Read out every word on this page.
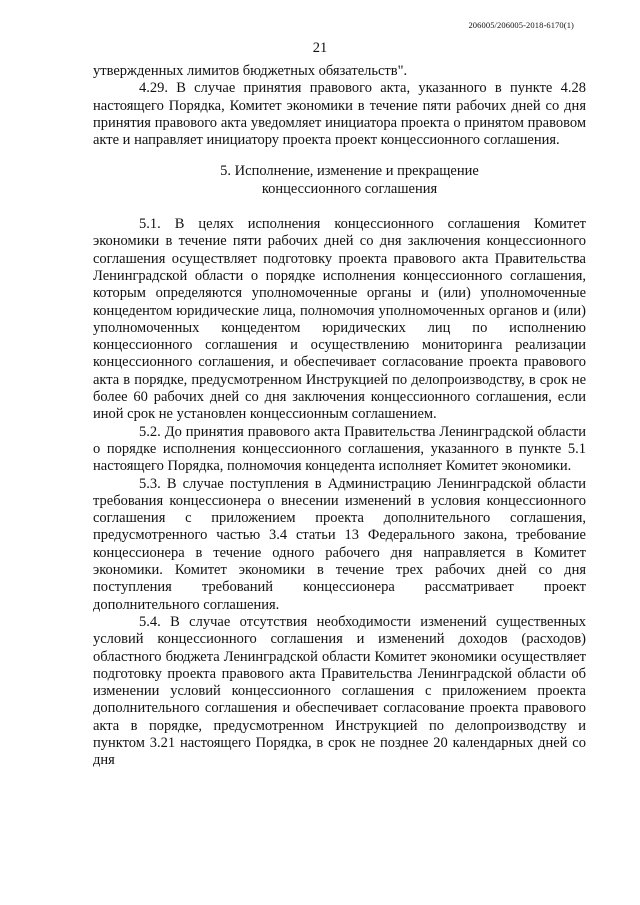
206005/206005-2018-6170(1)
21

утвержденных лимитов бюджетных обязательств".

4.29. В случае принятия правового акта, указанного в пункте 4.28 настоящего Порядка, Комитет экономики в течение пяти рабочих дней со дня принятия правового акта уведомляет инициатора проекта о принятом правовом акте и направляет инициатору проекта проект концессионного соглашения.

5. Исполнение, изменение и прекращение
концессионного соглашения

5.1. В целях исполнения концессионного соглашения Комитет экономики в течение пяти рабочих дней со дня заключения концессионного соглашения осуществляет подготовку проекта правового акта Правительства Ленинградской области о порядке исполнения концессионного соглашения, которым определяются уполномоченные органы и (или) уполномоченные концедентом юридические лица, полномочия уполномоченных органов и (или) уполномоченных концедентом юридических лиц по исполнению концессионного соглашения и осуществлению мониторинга реализации концессионного соглашения, и обеспечивает согласование проекта правового акта в порядке, предусмотренном Инструкцией по делопроизводству, в срок не более 60 рабочих дней со дня заключения концессионного соглашения, если иной срок не установлен концессионным соглашением.

5.2. До принятия правового акта Правительства Ленинградской области о порядке исполнения концессионного соглашения, указанного в пункте 5.1 настоящего Порядка, полномочия концедента исполняет Комитет экономики.

5.3. В случае поступления в Администрацию Ленинградской области требования концессионера о внесении изменений в условия концессионного соглашения с приложением проекта дополнительного соглашения, предусмотренного частью 3.4 статьи 13 Федерального закона, требование концессионера в течение одного рабочего дня направляется в Комитет экономики. Комитет экономики в течение трех рабочих дней со дня поступления требований концессионера рассматривает проект дополнительного соглашения.

5.4. В случае отсутствия необходимости изменений существенных условий концессионного соглашения и изменений доходов (расходов) областного бюджета Ленинградской области Комитет экономики осуществляет подготовку проекта правового акта Правительства Ленинградской области об изменении условий концессионного соглашения с приложением проекта дополнительного соглашения и обеспечивает согласование проекта правового акта в порядке, предусмотренном Инструкцией по делопроизводству и пунктом 3.21 настоящего Порядка, в срок не позднее 20 календарных дней со дня
